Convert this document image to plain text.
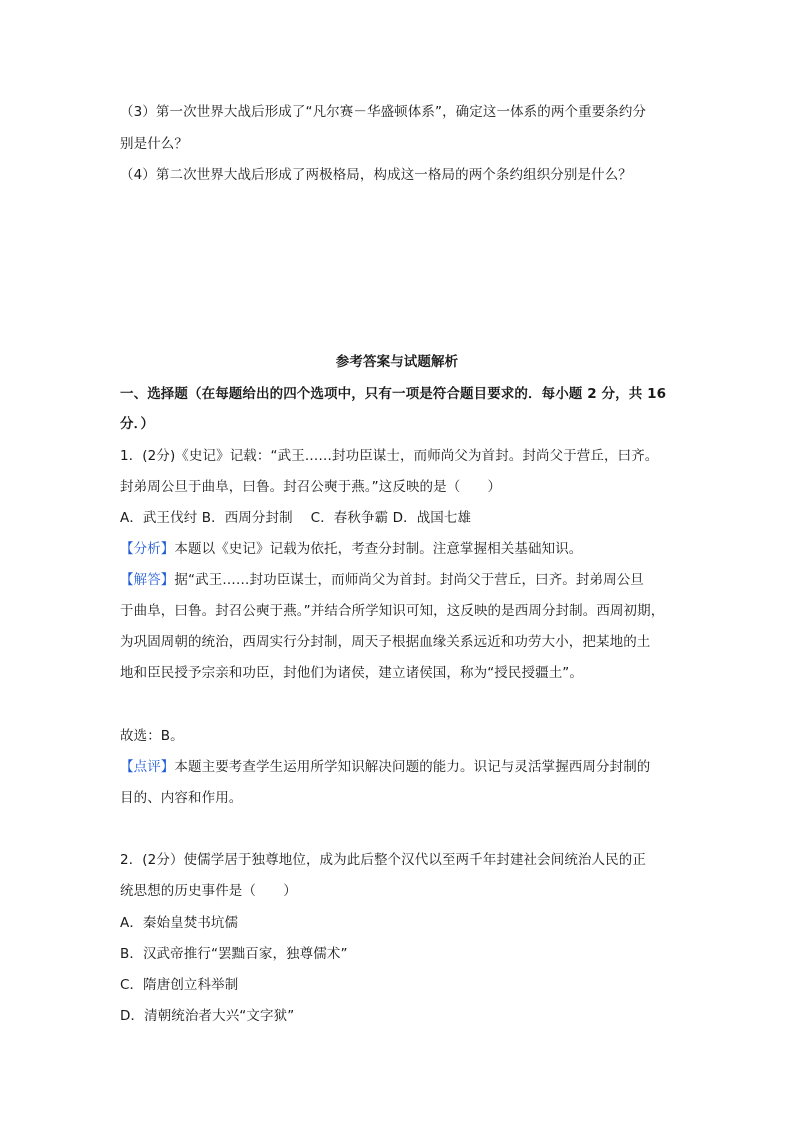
（3）第一次世界大战后形成了“凡尔赛－华盛顿体系”，确定这一体系的两个重要条约分
别是什么？
（4）第二次世界大战后形成了两极格局，构成这一格局的两个条约组织分别是什么？
参考答案与试题解析
一、选择题（在每题给出的四个选项中，只有一项是符合题目要求的．每小题 2 分，共 16
分．）
1．(2分)《史记》记载：“武王……封功臣谋士，而师尚父为首封。封尚父于营丘，曰齐。
封弟周公旦于曲阜，曰鲁。封召公奭于燕。”这反映的是（　　）
A．武王伐纣 B．西周分封制　 C．春秋争霸 D．战国七雄
【分析】本题以《史记》记载为依托，考查分封制。注意掌握相关基础知识。
【解答】据“武王……封功臣谋士，而师尚父为首封。封尚父于营丘，曰齐。封弟周公旦
于曲阜，曰鲁。封召公奭于燕。”并结合所学知识可知，这反映的是西周分封制。西周初期，
为巩固周朝的统治，西周实行分封制，周天子根据血缘关系远近和功劳大小，把某地的土
地和臣民授予宗亲和功臣，封他们为诸侯，建立诸侯国，称为“授民授疆土”。
故选：B。
【点评】本题主要考查学生运用所学知识解决问题的能力。识记与灵活掌握西周分封制的
目的、内容和作用。
2．(2分）使儒学居于独尊地位，成为此后整个汉代以至两千年封建社会间统治人民的正
统思想的历史事件是（　　）
A．秦始皇焚书坑儒
B．汉武帝推行“罢黜百家，独尊儒术”
C．隋唐创立科举制
D．清朝统治者大兴“文字狱”
